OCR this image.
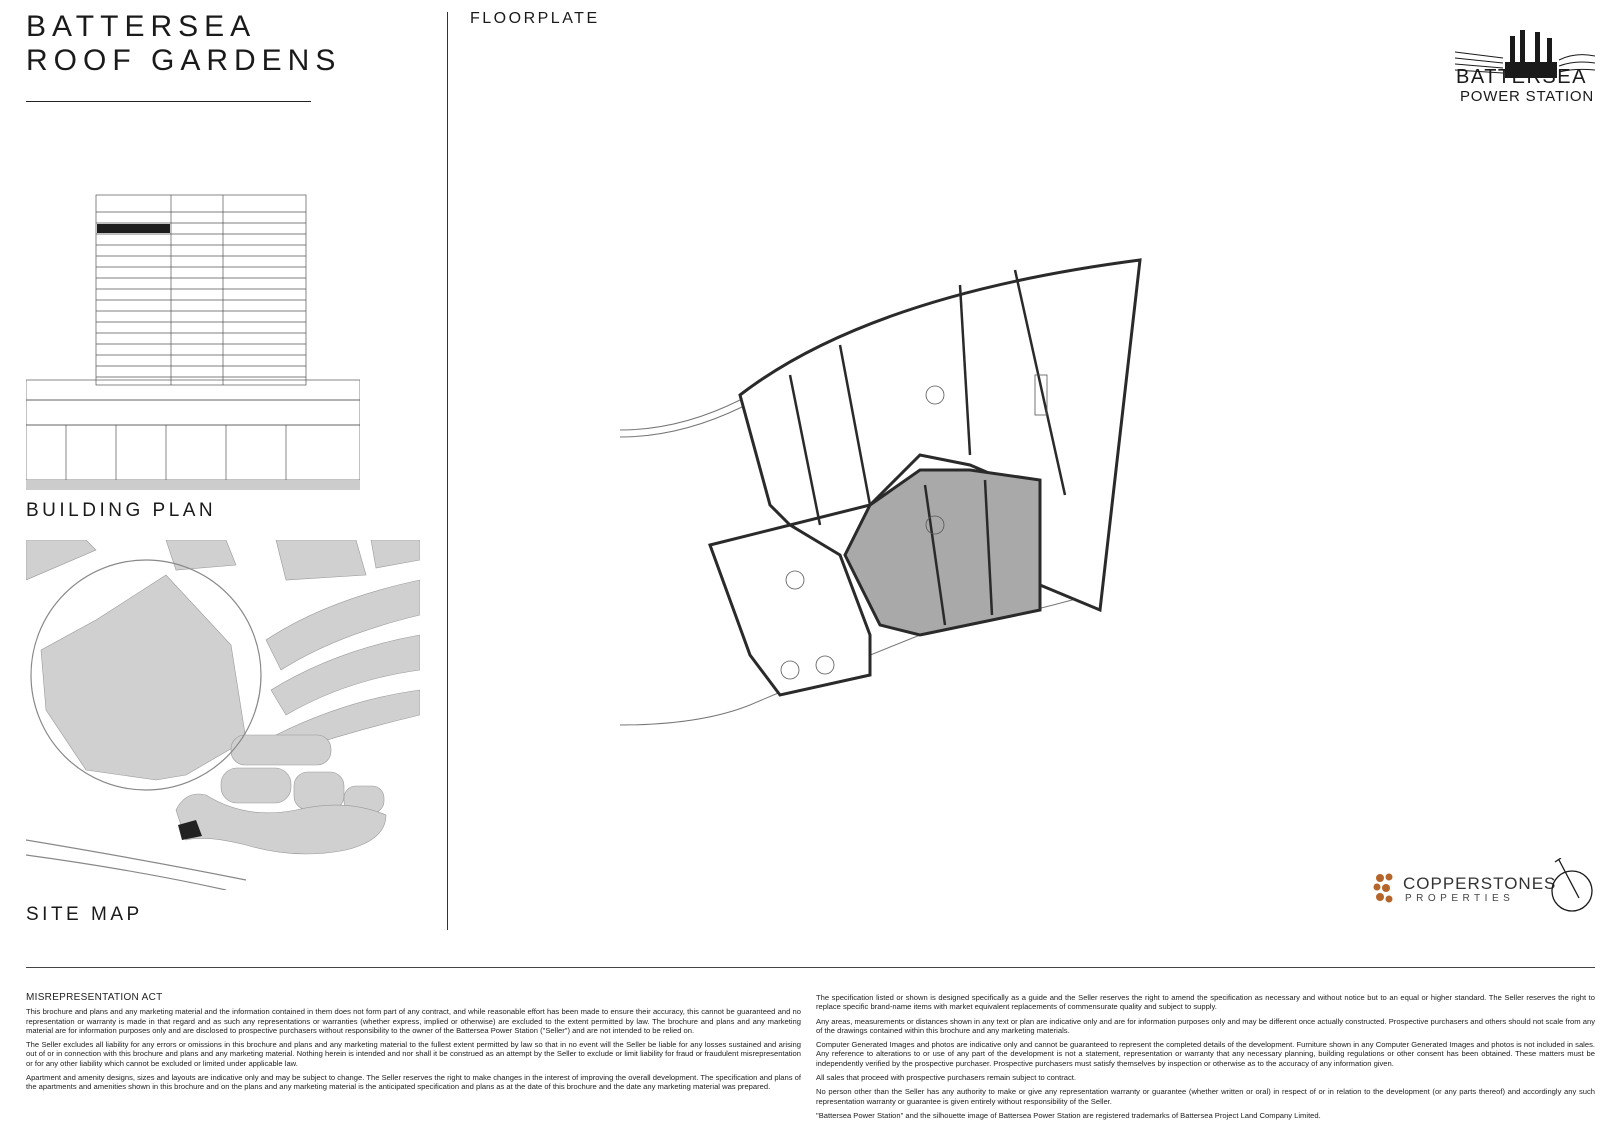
BATTERSEA
ROOF GARDENS
FLOORPLATE
BUILDING PLAN
SITE MAP
BATTERSEA
POWER STATION
COPPERSTONES
PROPERTIES
MISREPRESENTATION ACT

This brochure and plans and any marketing material and the information contained in them does not form part of any contract, and while reasonable effort has been made to ensure their accuracy, this cannot be guaranteed and no representation or warranty is made in that regard and as such any representations or warranties (whether express, implied or otherwise) are excluded to the extent permitted by law. The brochure and plans and any marketing material are for information purposes only and are disclosed to prospective purchasers without responsibility to the owner of the Battersea Power Station ("Seller") and are not intended to be relied on.

The Seller excludes all liability for any errors or omissions in this brochure and plans and any marketing material to the fullest extent permitted by law so that in no event will the Seller be liable for any losses sustained and arising out of or in connection with this brochure and plans and any marketing material. Nothing herein is intended and nor shall it be construed as an attempt by the Seller to exclude or limit liability for fraud or fraudulent misrepresentation or for any other liability which cannot be excluded or limited under applicable law.

Apartment and amenity designs, sizes and layouts are indicative only and may be subject to change. The Seller reserves the right to make changes in the interest of improving the overall development. The specification and plans of the apartments and amenities shown in this brochure and on the plans and any marketing material is the anticipated specification and plans as at the date of this brochure and the date any marketing material was prepared.

The specification listed or shown is designed specifically as a guide and the Seller reserves the right to amend the specification as necessary and without notice but to an equal or higher standard. The Seller reserves the right to replace specific brand-name items with market equivalent replacements of commensurate quality and subject to supply.

Any areas, measurements or distances shown in any text or plan are indicative only and are for information purposes only and may be different once actually constructed. Prospective purchasers and others should not scale from any of the drawings contained within this brochure and any marketing materials.

Computer Generated Images and photos are indicative only and cannot be guaranteed to represent the completed details of the development. Furniture shown in any Computer Generated Images and photos is not included in sales. Any reference to alterations to or use of any part of the development is not a statement, representation or warranty that any necessary planning, building regulations or other consent has been obtained. These matters must be independently verified by the prospective purchaser. Prospective purchasers must satisfy themselves by inspection or otherwise as to the accuracy of any information given.

All sales that proceed with prospective purchasers remain subject to contract.

No person other than the Seller has any authority to make or give any representation warranty or guarantee (whether written or oral) in respect of or in relation to the development (or any parts thereof) and accordingly any such representation warranty or guarantee is given entirely without responsibility of the Seller.

"Battersea Power Station" and the silhouette image of Battersea Power Station are registered trademarks of Battersea Project Land Company Limited.
